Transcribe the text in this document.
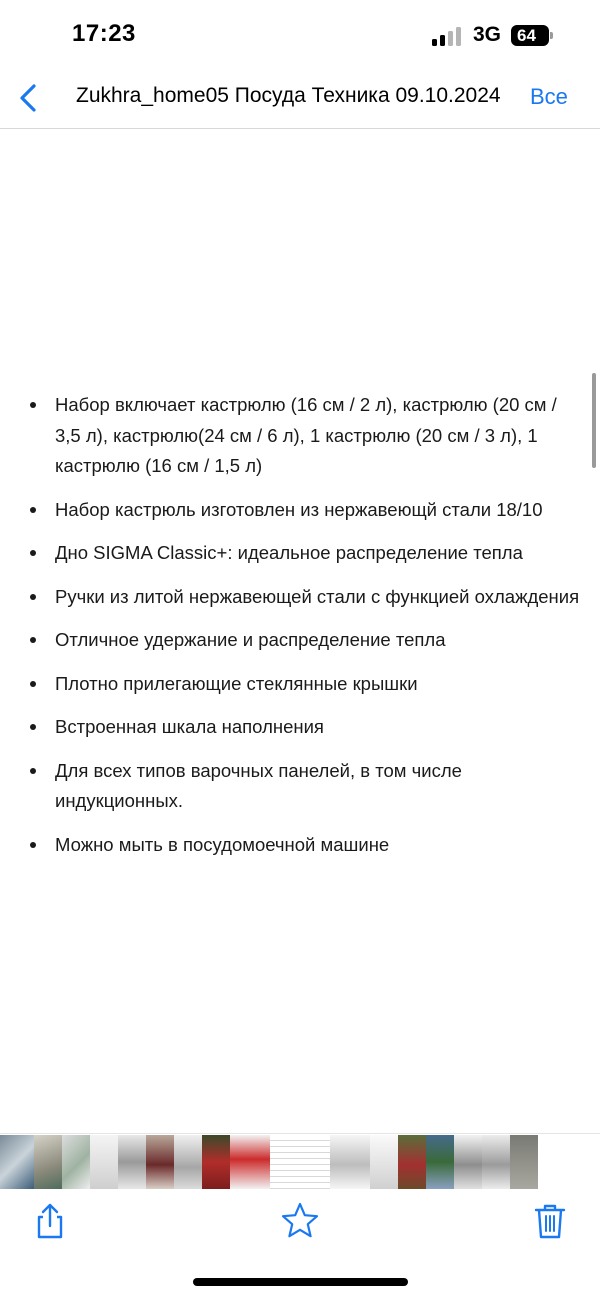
17:23	3G 64
Zukhra_home05 Посуда Техника 09.10.2024	Все
Набор включает кастрюлю (16 см / 2 л), кастрюлю (20 см / 3,5 л), кастрюлю(24 см / 6 л), 1 кастрюлю (20 см / 3 л), 1 кастрюлю (16 см / 1,5 л)
Набор кастрюль изготовлен из нержавеющй стали 18/10
Дно SIGMA Classic+: идеальное распределение тепла
Ручки из литой нержавеющей стали с функцией охлаждения
Отличное удержание и распределение тепла
Плотно прилегающие стеклянные крышки
Встроенная шкала наполнения
Для всех типов варочных панелей, в том числе индукционных.
Можно мыть в посудомоечной машине
